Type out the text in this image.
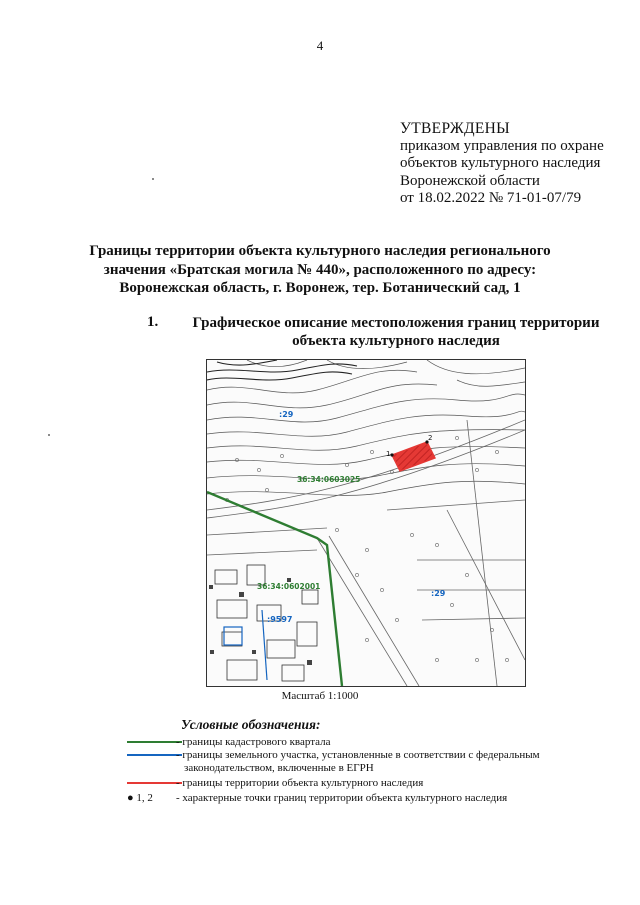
4
УТВЕРЖДЕНЫ
приказом управления по охране
объектов культурного наследия
Воронежской области
от 18.02.2022 № 71-01-07/79
Границы территории объекта культурного наследия регионального
значения «Братская могила № 440», расположенного по адресу:
Воронежская область, г. Воронеж, тер. Ботанический сад, 1
1.	Графическое описание местоположения границ территории
объекта культурного наследия
1
2
:29
:29
:9597
36:34:0603025
36:34:0602001
Масштаб 1:1000
Условные обозначения:
- границы кадастрового квартала
- границы земельного участка, установленные в соответствии с федеральным
законодательством, включенные в ЕГРН
- границы территории объекта культурного наследия
● 1, 2 - характерные точки границ территории объекта культурного наследия
